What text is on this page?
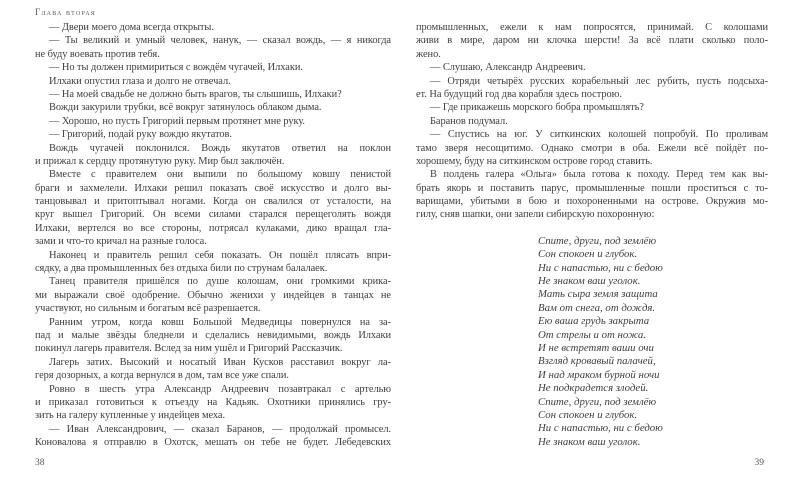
Глава вторая
— Двери моего дома всегда открыты.
— Ты великий и умный человек, нанук, — сказал вождь, — я никогда
не буду воевать против тебя.
— Но ты должен примириться с вождём чугачей, Илхаки.
Илхаки опустил глаза и долго не отвечал.
— На моей свадьбе не должно быть врагов, ты слышишь, Илхаки?
Вожди закурили трубки, всё вокруг затянулось облаком дыма.
— Хорошо, но пусть Григорий первым протянет мне руку.
— Григорий, подай руку вождю якутатов.
Вождь чугачей поклонился. Вождь якутатов ответил на поклон
и прижал к сердцу протянутую руку. Мир был заключён.
Вместе с правителем они выпили по большому ковшу пенистой
браги и захмелели. Илхаки решил показать своё искусство и долго вы-
танцовывал и притоптывал ногами. Когда он свалился от усталости, на
круг вышел Григорий. Он всеми силами старался перещеголять вождя
Илхаки, вертелся во все стороны, потрясал кулаками, дико вращал гла-
зами и что-то кричал на разные голоса.
Наконец и правитель решил себя показать. Он пошёл плясать впри-
сядку, а два промышленных без отдыха били по струнам балалаек.
Танец правителя пришёлся по душе колошам, они громкими крика-
ми выражали своё одобрение. Обычно женихи у индейцев в танцах не
участвуют, но сильным и богатым всё разрешается.
Ранним утром, когда ковш Большой Медведицы повернулся на за-
пад и малые звёзды бледнели и сделались невидимыми, вождь Илхаки
покинул лагерь правителя. Вслед за ним ушёл и Григорий Рассказчик.
Лагерь затих. Высокий и носатый Иван Кусков расставил вокруг ла-
геря дозорных, а когда вернулся в дом, там все уже спали.
Ровно в шесть утра Александр Андреевич позавтракал с артелью
и приказал готовиться к отъезду на Кадьяк. Охотники принялись гру-
зить на галеру купленные у индейцев меха.
— Иван Александрович, — сказал Баранов, — продолжай промысел.
Коновалова я отправлю в Охотск, мешать он тебе не будет. Лебедевских
промышленных, ежели к нам попросятся, принимай. С колошами
живи в мире, даром ни клочка шерсти! За всё плати сколько поло-
жено.
— Слушаю, Александр Андреевич.
— Отряди четырёх русских корабельный лес рубить, пусть подсыха-
ет. На будущий год два корабля здесь построю.
— Где прикажешь морского бобра промышлять?
Баранов подумал.
— Спустись на юг. У ситкинских колошей попробуй. По проливам
тамо зверя несощитимо. Однако смотри в оба. Ежели всё пойдёт по-
хорошему, буду на ситкинском острове город ставить.
В полдень галера «Ольга» была готова к походу. Перед тем как вы-
брать якорь и поставить парус, промышленные пошли проститься с то-
варищами, убитыми в бою и похороненными на острове. Окружив мо-
гилу, сняв шапки, они запели сибирскую похоронную:
Спите, други, под землёю
Сон спокоен и глубок.
Ни с напастью, ни с бедою
Не знаком ваш уголок.
Мать сыра земля защита
Вам от снега, от дождя.
Ею ваша грудь закрыта
От стрелы и от ножа.
И не встретят ваши очи
Взгляд кровавый палачей,
И над мраком бурной ночи
Не подкрадется злодей.
Спите, други, под землёю
Сон спокоен и глубок.
Ни с напастью, ни с бедою
Не знаком ваш уголок.
38	39
